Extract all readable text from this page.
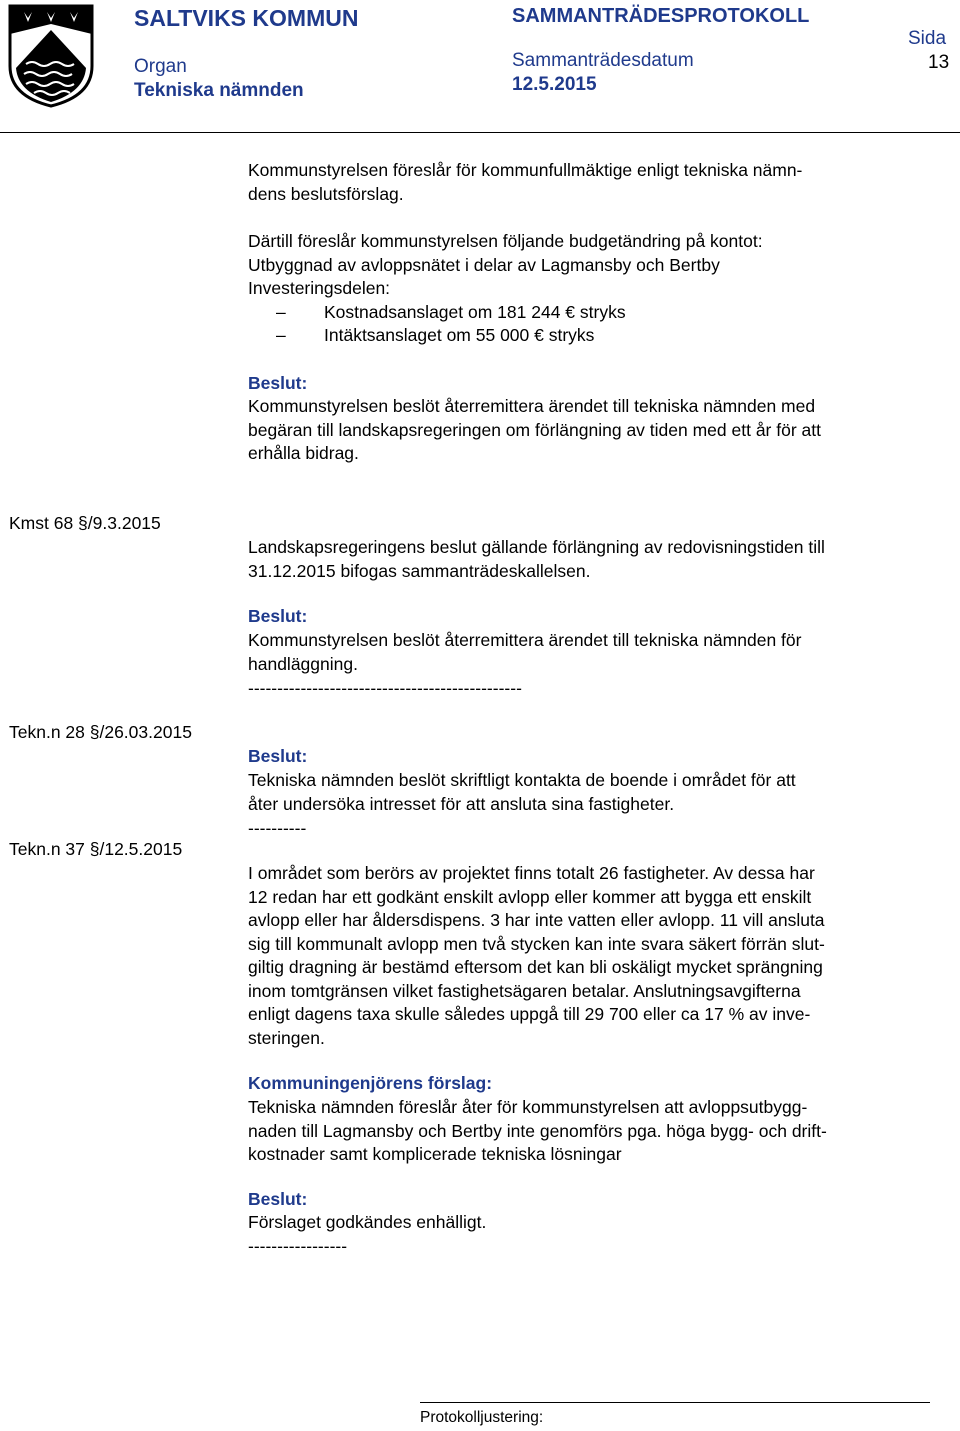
SALTVIKS KOMMUN
Organ
Tekniska nämnden
SAMMANTRÄDESPROTOKOLL
Sammanträdesdatum
12.5.2015
Sida
13
Kommunstyrelsen föreslår för kommunfullmäktige enligt tekniska nämn-
dens beslutsförslag.
Därtill föreslår kommunstyrelsen följande budgetändring på kontot:
Utbyggnad av avloppsnätet i delar av Lagmansby och Bertby
Investeringsdelen:
– Kostnadsanslaget om 181 244 € stryks
– Intäktsanslaget om 55 000 € stryks
Beslut:
Kommunstyrelsen beslöt återremittera ärendet till tekniska nämnden med
begäran till landskapsregeringen om förlängning av tiden med ett år för att
erhålla bidrag.
Kmst 68 §/9.3.2015
Landskapsregeringens beslut gällande förlängning av redovisningstiden till
31.12.2015 bifogas sammanträdeskallelsen.
Beslut:
Kommunstyrelsen beslöt återremittera ärendet till tekniska nämnden för
handläggning.
-----------------------------------------------
Tekn.n 28 §/26.03.2015
Beslut:
Tekniska nämnden beslöt skriftligt kontakta de boende i området för att
åter undersöka intresset för att ansluta sina fastigheter.
----------
Tekn.n 37 §/12.5.2015
I området som berörs av projektet finns totalt 26 fastigheter. Av dessa har
12 redan har ett godkänt enskilt avlopp eller kommer att bygga ett enskilt
avlopp eller har åldersdispens. 3 har inte vatten eller avlopp. 11 vill ansluta
sig till kommunalt avlopp men två stycken kan inte svara säkert förrän slut-
giltig dragning är bestämd eftersom det kan bli oskäligt mycket sprängning
inom tomtgränsen vilket fastighetsägaren betalar. Anslutningsavgifterna
enligt dagens taxa skulle således uppgå till 29 700 eller ca 17 % av inve-
steringen.
Kommuningenjörens förslag:
Tekniska nämnden föreslår åter för kommunstyrelsen att avloppsutbygg-
naden till Lagmansby och Bertby inte genomförs pga. höga bygg- och drift-
kostnader samt komplicerade tekniska lösningar
Beslut:
Förslaget godkändes enhälligt.
-----------------
Protokolljustering:
